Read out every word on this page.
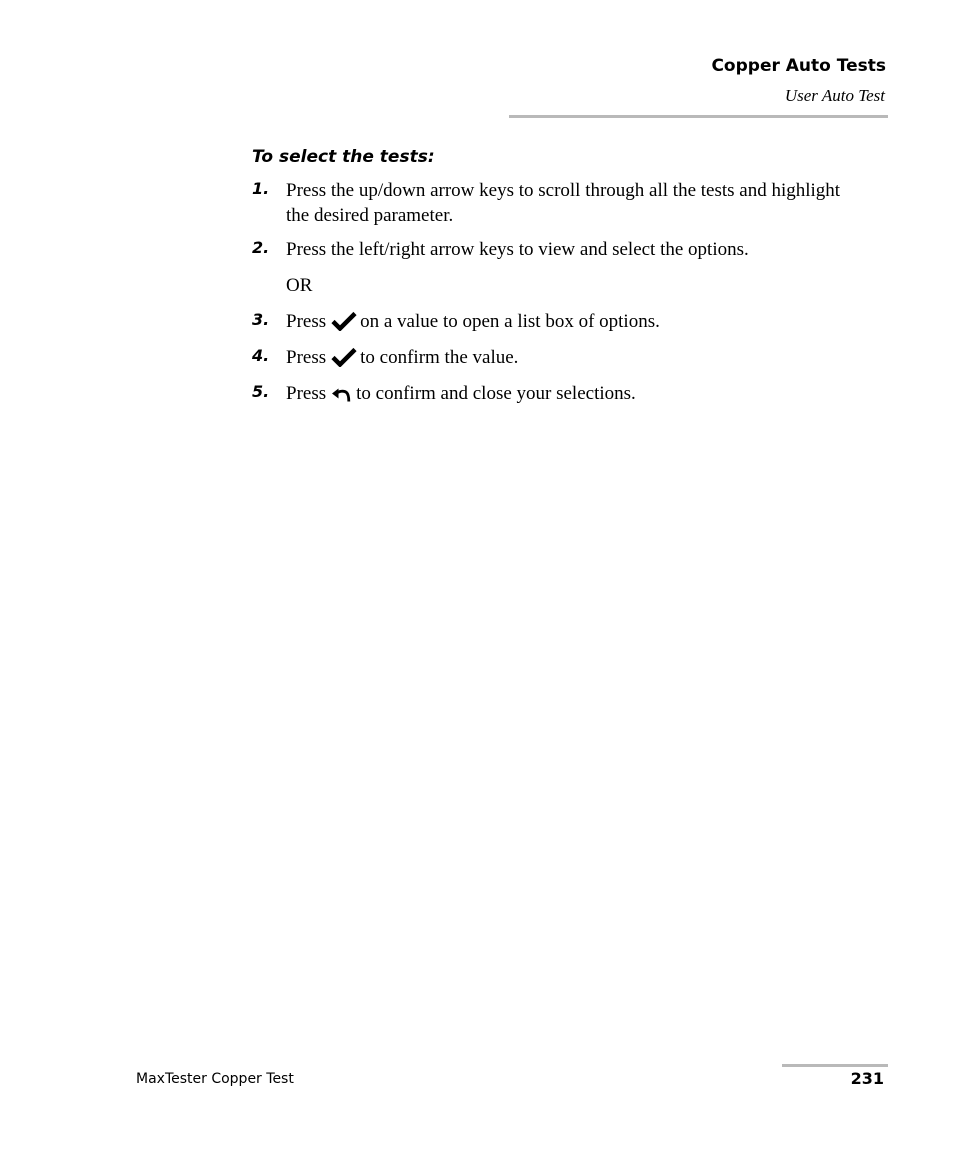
Copper Auto Tests
User Auto Test
To select the tests:
1. Press the up/down arrow keys to scroll through all the tests and highlight the desired parameter.
2. Press the left/right arrow keys to view and select the options.
OR
3. Press on a value to open a list box of options.
4. Press to confirm the value.
5. Press to confirm and close your selections.
MaxTester Copper Test	231
